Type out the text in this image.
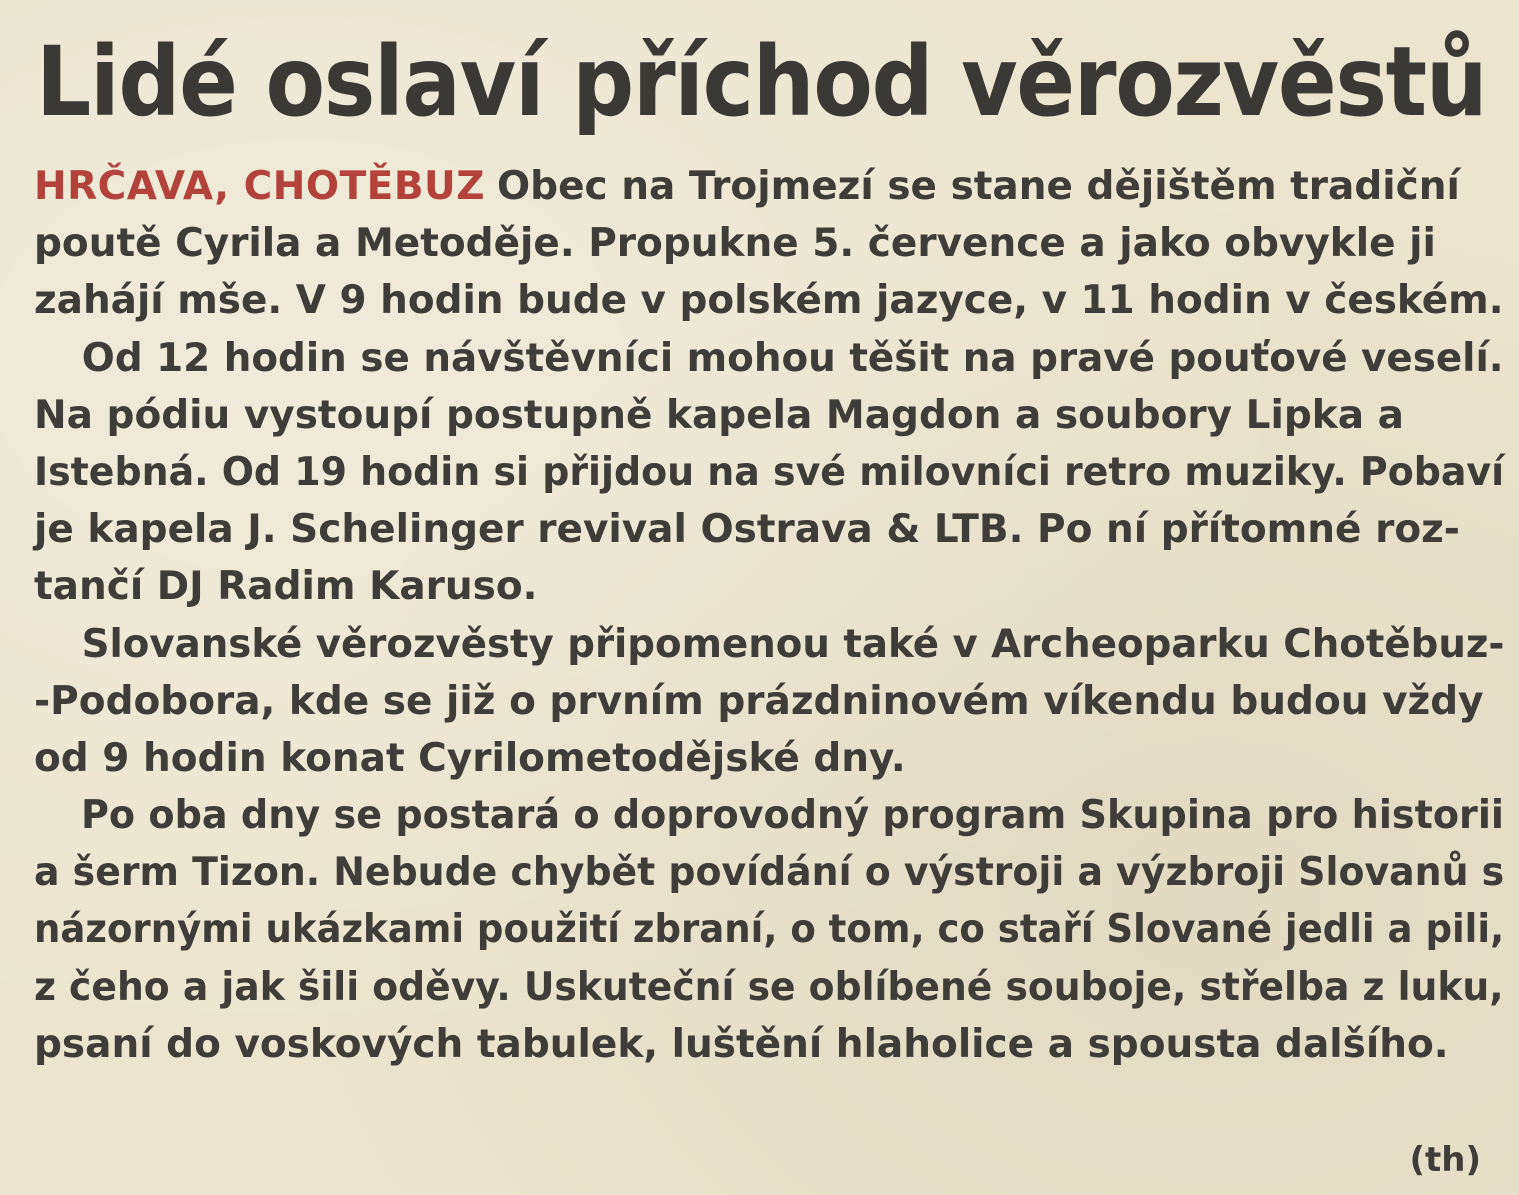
Lidé oslaví příchod věrozvěstů

HRČAVA, CHOTĚBUZ Obec na Trojmezí se stane dějištěm tradiční

poutě Cyrila a Metoděje. Propukne 5. července a jako obvykle ji

zahájí mše. V 9 hodin bude v polském jazyce, v 11 hodin v českém.

Od 12 hodin se návštěvníci mohou těšit na pravé pouťové veselí.

Na pódiu vystoupí postupně kapela Magdon a soubory Lipka a

Istebná. Od 19 hodin si přijdou na své milovníci retro muziky. Pobaví

je kapela J. Schelinger revival Ostrava & LTB. Po ní přítomné roz-

tančí DJ Radim Karuso.

Slovanské věrozvěsty připomenou také v Archeoparku Chotěbuz-

-Podobora, kde se již o prvním prázdninovém víkendu budou vždy

od 9 hodin konat Cyrilometodějské dny.

Po oba dny se postará o doprovodný program Skupina pro historii

a šerm Tizon. Nebude chybět povídání o výstroji a výzbroji Slovanů s

názornými ukázkami použití zbraní, o tom, co staří Slované jedli a pili,

z čeho a jak šili oděvy. Uskuteční se oblíbené souboje, střelba z luku,

psaní do voskových tabulek, luštění hlaholice a spousta dalšího.

(th)
